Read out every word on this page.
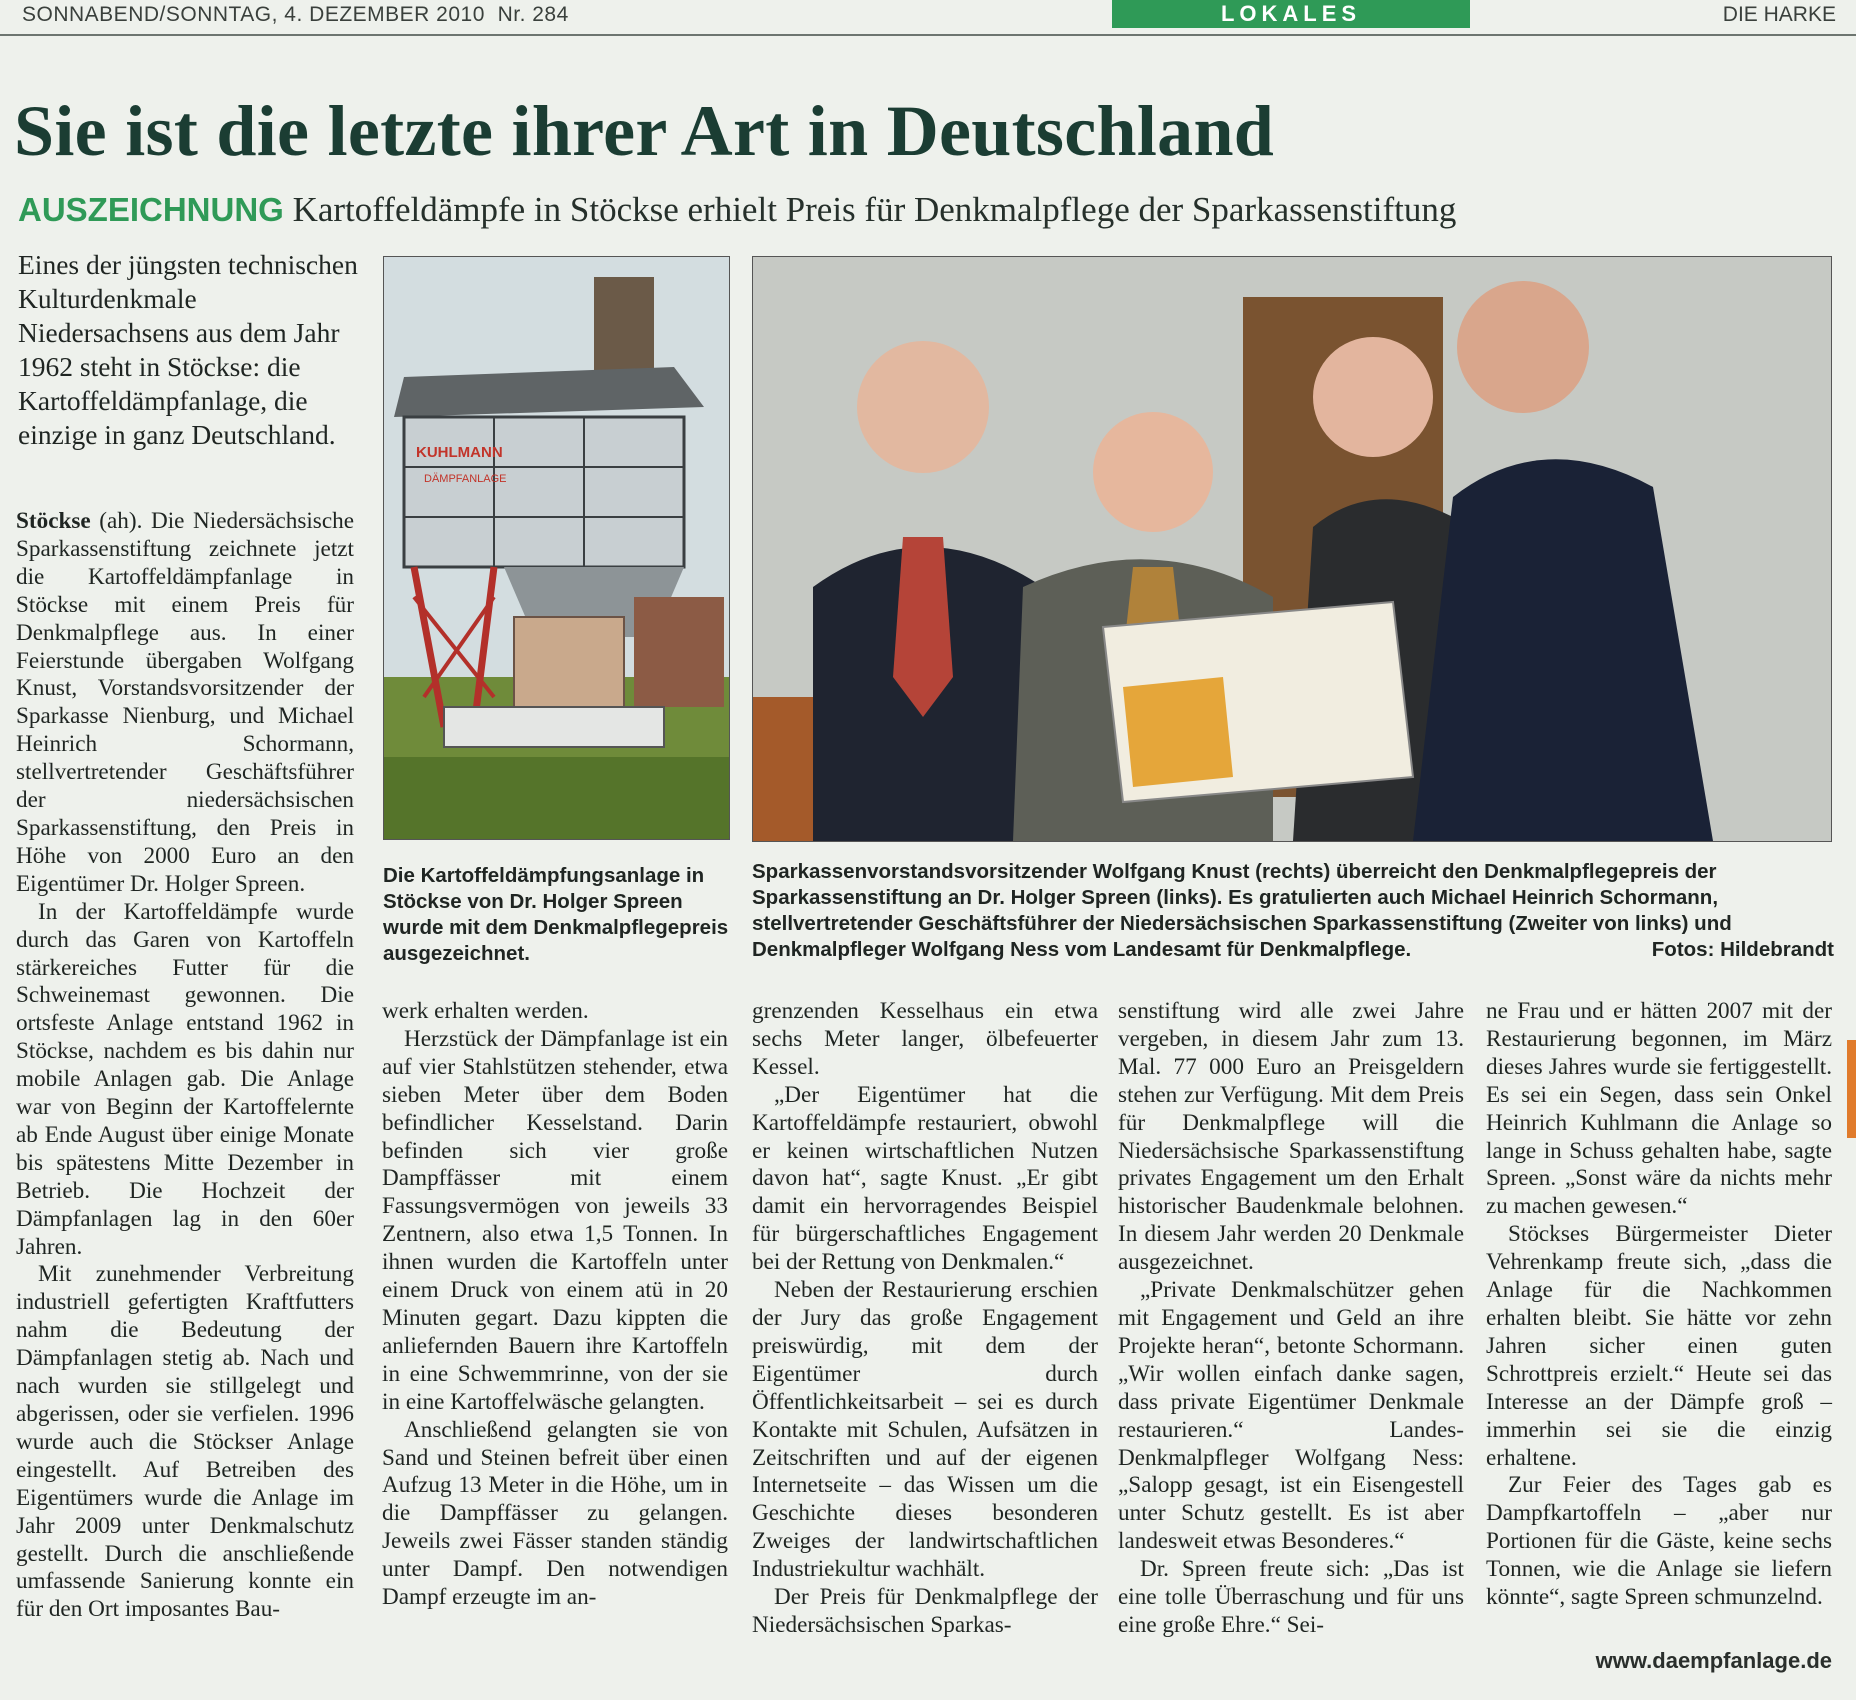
SONNABEND/SONNTAG, 4. DEZEMBER 2010 Nr. 284	LOKALES	DIE HARKE
Sie ist die letzte ihrer Art in Deutschland
AUSZEICHNUNG Kartoffeldämpfe in Stöckse erhielt Preis für Denkmalpflege der Sparkassenstiftung
Eines der jüngsten technischen Kulturdenkmale Niedersachsens aus dem Jahr 1962 steht in Stöckse: die Kartoffeldämpfanlage, die einzige in ganz Deutschland.

Stöckse (ah). Die Niedersächsische Sparkassenstiftung zeichnete jetzt die Kartoffeldämpfanlage in Stöckse mit einem Preis für Denkmalpflege aus. In einer Feierstunde übergaben Wolfgang Knust, Vorstandsvorsitzender der Sparkasse Nienburg, und Michael Heinrich Schormann, stellvertretender Geschäftsführer der niedersächsischen Sparkassenstiftung, den Preis in Höhe von 2000 Euro an den Eigentümer Dr. Holger Spreen.

In der Kartoffeldämpfe wurde durch das Garen von Kartoffeln stärkereiches Futter für die Schweinemast gewonnen. Die ortsfeste Anlage entstand 1962 in Stöckse, nachdem es bis dahin nur mobile Anlagen gab. Die Anlage war von Beginn der Kartoffelernte ab Ende August über einige Monate bis spätestens Mitte Dezember in Betrieb. Die Hochzeit der Dämpfanlagen lag in den 60er Jahren.

Mit zunehmender Verbreitung industriell gefertigten Kraftfutters nahm die Bedeutung der Dämpfanlagen stetig ab. Nach und nach wurden sie stillgelegt und abgerissen, oder sie verfielen. 1996 wurde auch die Stöckser Anlage eingestellt. Auf Betreiben des Eigentümers wurde die Anlage im Jahr 2009 unter Denkmalschutz gestellt. Durch die anschließende umfassende Sanierung konnte ein für den Ort imposantes Bau-

KUHLMANN
DÄMPFANLAGE
Die Kartoffeldämpfungsanlage in Stöckse von Dr. Holger Spreen wurde mit dem Denkmalpflegepreis ausgezeichnet.
Sparkassenvorstandsvorsitzender Wolfgang Knust (rechts) überreicht den Denkmalpflegepreis der Sparkassenstiftung an Dr. Holger Spreen (links). Es gratulierten auch Michael Heinrich Schormann, stellvertretender Geschäftsführer der Niedersächsischen Sparkassenstiftung (Zweiter von links) und Denkmalpfleger Wolfgang Ness vom Landesamt für Denkmalpflege.	Fotos: Hildebrandt

werk erhalten werden.

Herzstück der Dämpfanlage ist ein auf vier Stahlstützen stehender, etwa sieben Meter über dem Boden befindlicher Kesselstand. Darin befinden sich vier große Dampffässer mit einem Fassungsvermögen von jeweils 33 Zentnern, also etwa 1,5 Tonnen. In ihnen wurden die Kartoffeln unter einem Druck von einem atü in 20 Minuten gegart. Dazu kippten die anliefernden Bauern ihre Kartoffeln in eine Schwemmrinne, von der sie in eine Kartoffelwäsche gelangten.

Anschließend gelangten sie von Sand und Steinen befreit über einen Aufzug 13 Meter in die Höhe, um in die Dampffässer zu gelangen. Jeweils zwei Fässer standen ständig unter Dampf. Den notwendigen Dampf erzeugte im an-

grenzenden Kesselhaus ein etwa sechs Meter langer, ölbefeuerter Kessel.

„Der Eigentümer hat die Kartoffeldämpfe restauriert, obwohl er keinen wirtschaftlichen Nutzen davon hat“, sagte Knust. „Er gibt damit ein hervorragendes Beispiel für bürgerschaftliches Engagement bei der Rettung von Denkmalen.“

Neben der Restaurierung erschien der Jury das große Engagement preiswürdig, mit dem der Eigentümer durch Öffentlichkeitsarbeit – sei es durch Kontakte mit Schulen, Aufsätzen in Zeitschriften und auf der eigenen Internetseite – das Wissen um die Geschichte dieses besonderen Zweiges der landwirtschaftlichen Industriekultur wachhält.

Der Preis für Denkmalpflege der Niedersächsischen Sparkas-

senstiftung wird alle zwei Jahre vergeben, in diesem Jahr zum 13. Mal. 77 000 Euro an Preisgeldern stehen zur Verfügung. Mit dem Preis für Denkmalpflege will die Niedersächsische Sparkassenstiftung privates Engagement um den Erhalt historischer Baudenkmale belohnen. In diesem Jahr werden 20 Denkmale ausgezeichnet.

„Private Denkmalschützer gehen mit Engagement und Geld an ihre Projekte heran“, betonte Schormann. „Wir wollen einfach danke sagen, dass private Eigentümer Denkmale restaurieren.“ Landes-Denkmalpfleger Wolfgang Ness: „Salopp gesagt, ist ein Eisengestell unter Schutz gestellt. Es ist aber landesweit etwas Besonderes.“

Dr. Spreen freute sich: „Das ist eine tolle Überraschung und für uns eine große Ehre.“ Sei-

ne Frau und er hätten 2007 mit der Restaurierung begonnen, im März dieses Jahres wurde sie fertiggestellt. Es sei ein Segen, dass sein Onkel Heinrich Kuhlmann die Anlage so lange in Schuss gehalten habe, sagte Spreen. „Sonst wäre da nichts mehr zu machen gewesen.“

Stöckses Bürgermeister Dieter Vehrenkamp freute sich, „dass die Anlage für die Nachkommen erhalten bleibt. Sie hätte vor zehn Jahren sicher einen guten Schrottpreis erzielt.“ Heute sei das Interesse an der Dämpfe groß – immerhin sei sie die einzig erhaltene.

Zur Feier des Tages gab es Dampfkartoffeln – „aber nur Portionen für die Gäste, keine sechs Tonnen, wie die Anlage sie liefern könnte“, sagte Spreen schmunzelnd.

www.daempfanlage.de
